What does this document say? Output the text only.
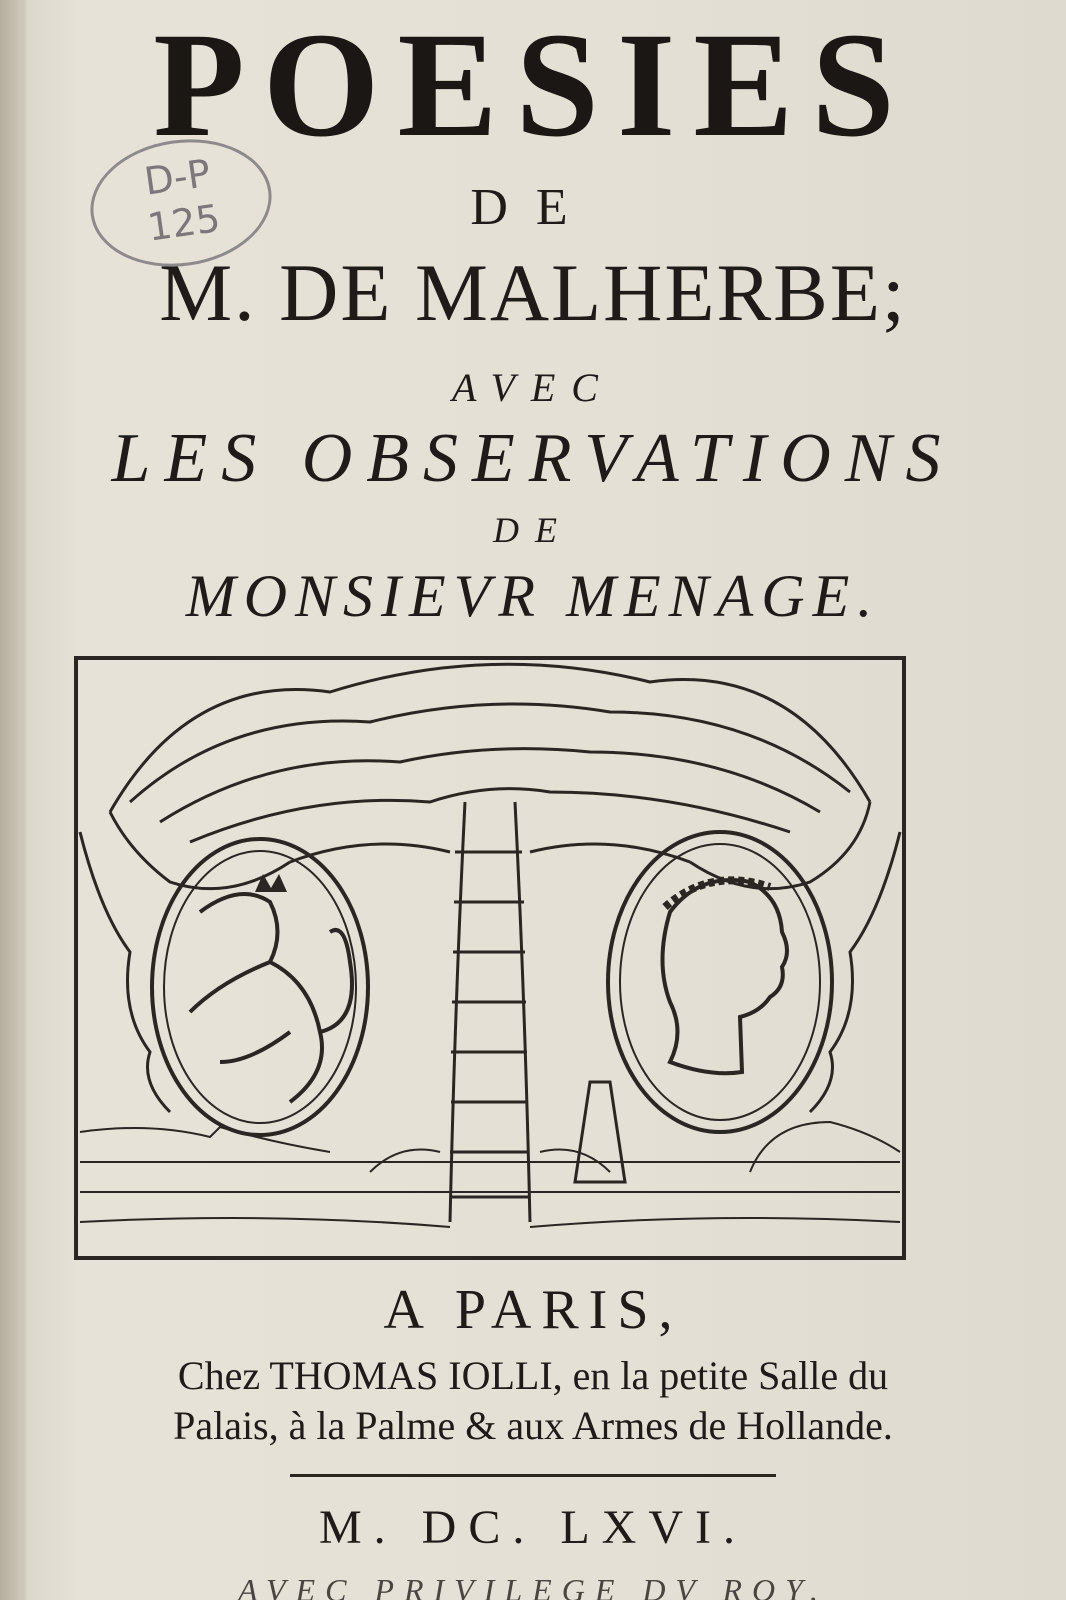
POESIES
DE
M. DE MALHERBE;
AVEC
LES OBSERVATIONS
DE
MONSIEVR MENAGE.
D-P
125
A PARIS,
Chez THOMAS IOLLI, en la petite Salle du
Palais, à la Palme & aux Armes de Hollande.
M. DC. LXVI.
AVEC PRIVILEGE DV ROY.
